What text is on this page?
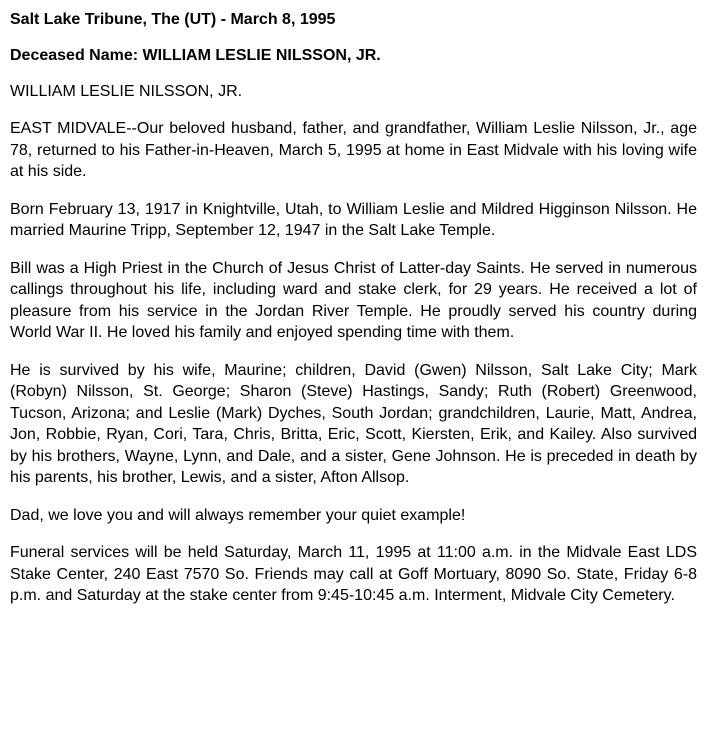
Salt Lake Tribune, The (UT) - March 8, 1995

Deceased Name: WILLIAM LESLIE NILSSON, JR.

WILLIAM LESLIE NILSSON, JR.

EAST MIDVALE--Our beloved husband, father, and grandfather, William Leslie Nilsson, Jr., age 78, returned to his Father-in-Heaven, March 5, 1995 at home in East Midvale with his loving wife at his side.

Born February 13, 1917 in Knightville, Utah, to William Leslie and Mildred Higginson Nilsson. He married Maurine Tripp, September 12, 1947 in the Salt Lake Temple.

Bill was a High Priest in the Church of Jesus Christ of Latter-day Saints. He served in numerous callings throughout his life, including ward and stake clerk, for 29 years. He received a lot of pleasure from his service in the Jordan River Temple. He proudly served his country during World War II. He loved his family and enjoyed spending time with them.

He is survived by his wife, Maurine; children, David (Gwen) Nilsson, Salt Lake City; Mark (Robyn) Nilsson, St. George; Sharon (Steve) Hastings, Sandy; Ruth (Robert) Greenwood, Tucson, Arizona; and Leslie (Mark) Dyches, South Jordan; grandchildren, Laurie, Matt, Andrea, Jon, Robbie, Ryan, Cori, Tara, Chris, Britta, Eric, Scott, Kiersten, Erik, and Kailey. Also survived by his brothers, Wayne, Lynn, and Dale, and a sister, Gene Johnson. He is preceded in death by his parents, his brother, Lewis, and a sister, Afton Allsop.

Dad, we love you and will always remember your quiet example!

Funeral services will be held Saturday, March 11, 1995 at 11:00 a.m. in the Midvale East LDS Stake Center, 240 East 7570 So. Friends may call at Goff Mortuary, 8090 So. State, Friday 6-8 p.m. and Saturday at the stake center from 9:45-10:45 a.m. Interment, Midvale City Cemetery.
